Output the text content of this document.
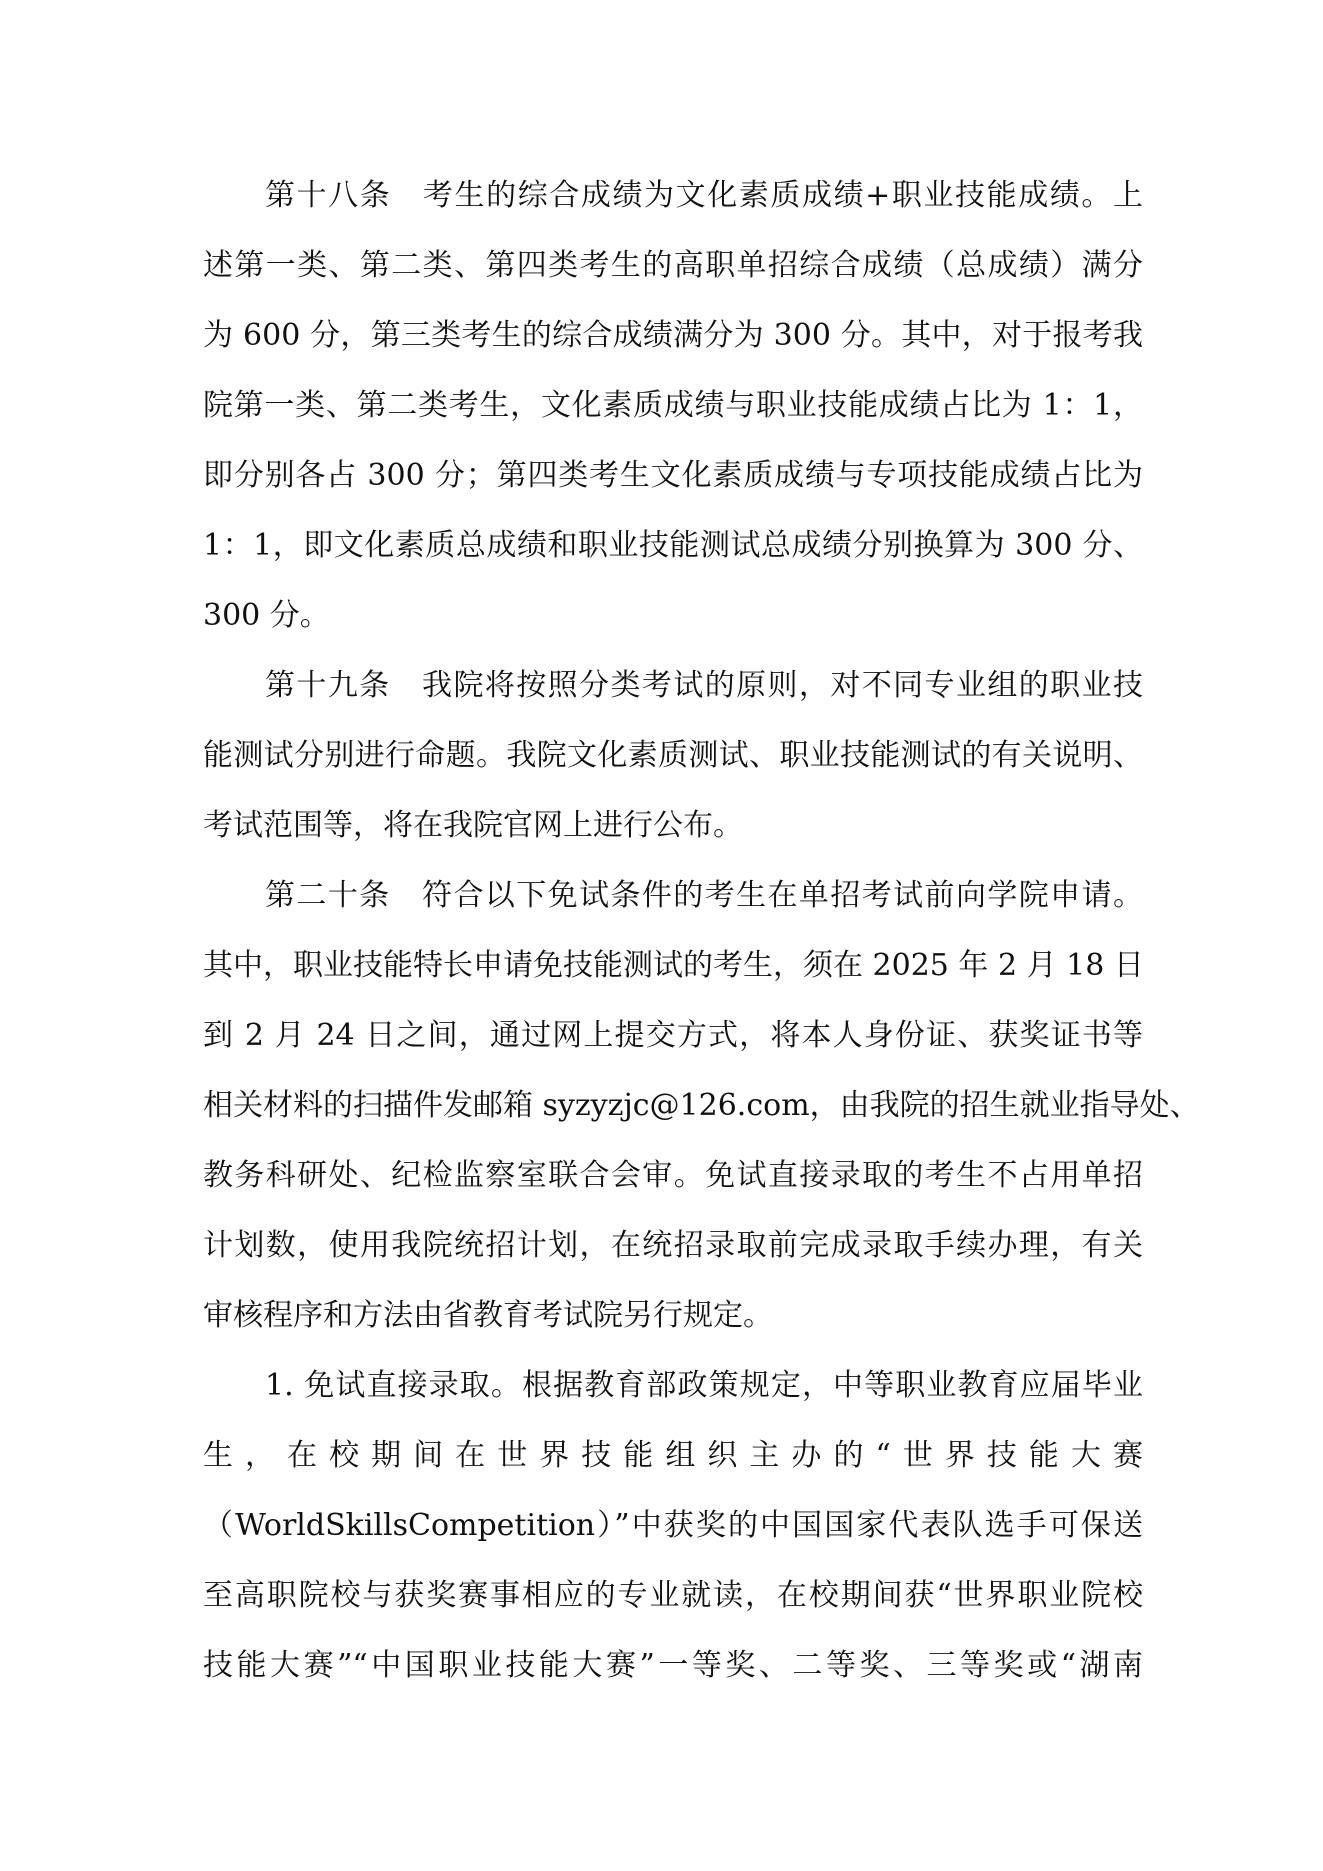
第十八条　考生的综合成绩为文化素质成绩+职业技能成绩。上
述第一类、第二类、第四类考生的高职单招综合成绩（总成绩）满分
为 600 分，第三类考生的综合成绩满分为 300 分。其中，对于报考我
院第一类、第二类考生，文化素质成绩与职业技能成绩占比为 1：1，
即分别各占 300 分；第四类考生文化素质成绩与专项技能成绩占比为
1：1，即文化素质总成绩和职业技能测试总成绩分别换算为 300 分、
300 分。
第十九条　我院将按照分类考试的原则，对不同专业组的职业技
能测试分别进行命题。我院文化素质测试、职业技能测试的有关说明、
考试范围等，将在我院官网上进行公布。
第二十条　符合以下免试条件的考生在单招考试前向学院申请。
其中，职业技能特长申请免技能测试的考生，须在 2025 年 2 月 18 日
到 2 月 24 日之间，通过网上提交方式，将本人身份证、获奖证书等
相关材料的扫描件发邮箱 syzyzjc@126.com，由我院的招生就业指导处、
教务科研处、纪检监察室联合会审。免试直接录取的考生不占用单招
计划数，使用我院统招计划，在统招录取前完成录取手续办理，有关
审核程序和方法由省教育考试院另行规定。
1. 免试直接录取。根据教育部政策规定，中等职业教育应届毕业
生，在校期间在世界技能组织主办的“世界技能大赛
（WorldSkillsCompetition）”中获奖的中国国家代表队选手可保送
至高职院校与获奖赛事相应的专业就读，在校期间获“世界职业院校
技能大赛”“中国职业技能大赛”一等奖、二等奖、三等奖或“湖南
